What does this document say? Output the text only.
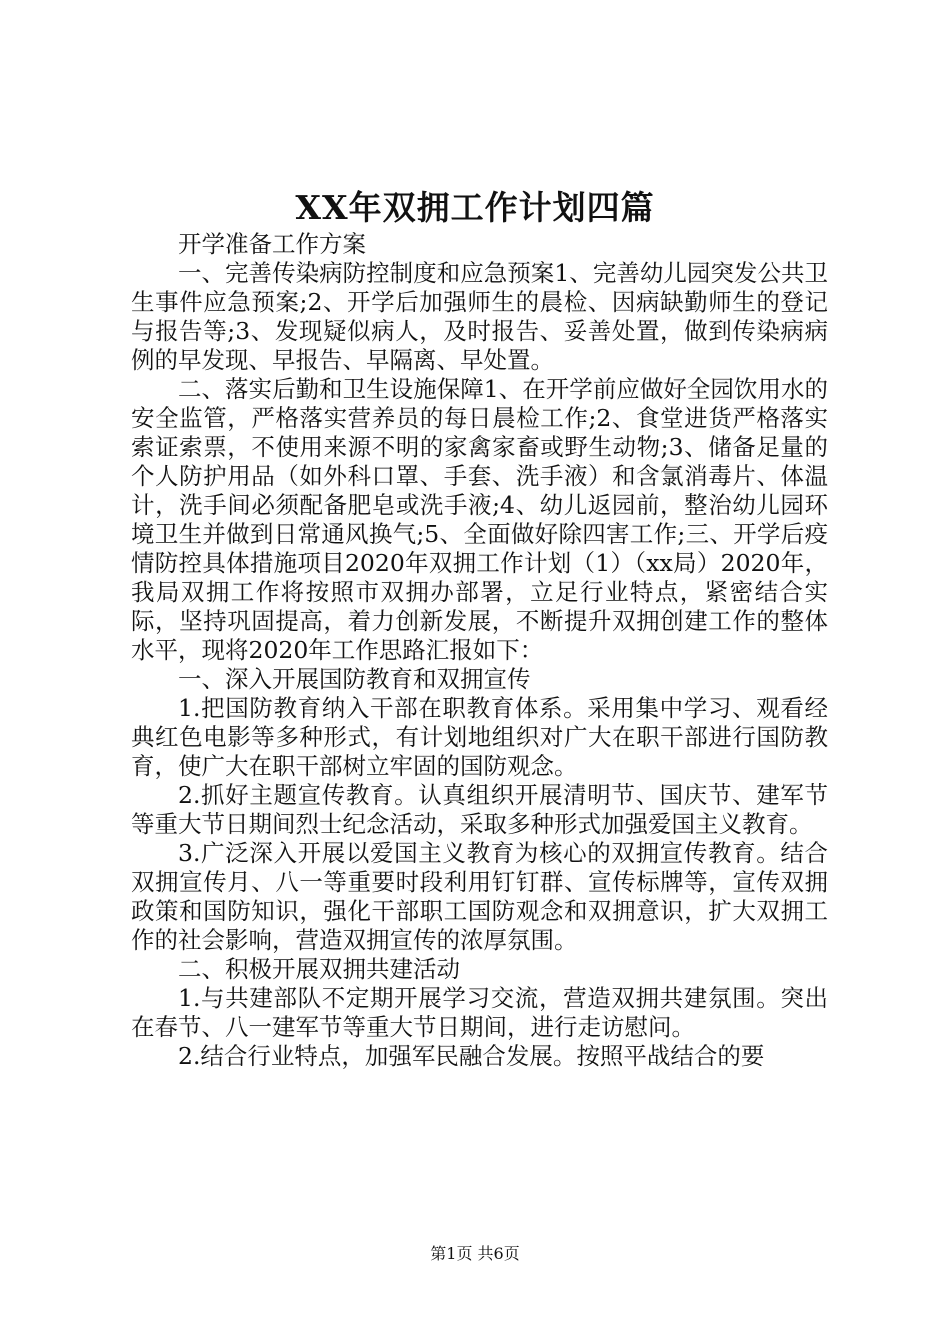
XX年双拥工作计划四篇

开学准备工作方案

一、完善传染病防控制度和应急预案1、完善幼儿园突发公共卫生事件应急预案;2、开学后加强师生的晨检、因病缺勤师生的登记与报告等;3、发现疑似病人，及时报告、妥善处置，做到传染病病例的早发现、早报告、早隔离、早处置。

二、落实后勤和卫生设施保障1、在开学前应做好全园饮用水的安全监管，严格落实营养员的每日晨检工作;2、食堂进货严格落实索证索票，不使用来源不明的家禽家畜或野生动物;3、储备足量的个人防护用品（如外科口罩、手套、洗手液）和含氯消毒片、体温计，洗手间必须配备肥皂或洗手液;4、幼儿返园前，整治幼儿园环境卫生并做到日常通风换气;5、全面做好除四害工作;三、开学后疫情防控具体措施项目2020年双拥工作计划（1）（xx局）2020年，我局双拥工作将按照市双拥办部署，立足行业特点，紧密结合实际，坚持巩固提高，着力创新发展，不断提升双拥创建工作的整体水平，现将2020年工作思路汇报如下：

一、深入开展国防教育和双拥宣传

1.把国防教育纳入干部在职教育体系。采用集中学习、观看经典红色电影等多种形式，有计划地组织对广大在职干部进行国防教育，使广大在职干部树立牢固的国防观念。

2.抓好主题宣传教育。认真组织开展清明节、国庆节、建军节等重大节日期间烈士纪念活动，采取多种形式加强爱国主义教育。

3.广泛深入开展以爱国主义教育为核心的双拥宣传教育。结合双拥宣传月、八一等重要时段利用钉钉群、宣传标牌等，宣传双拥政策和国防知识，强化干部职工国防观念和双拥意识，扩大双拥工作的社会影响，营造双拥宣传的浓厚氛围。

二、积极开展双拥共建活动

1.与共建部队不定期开展学习交流，营造双拥共建氛围。突出在春节、八一建军节等重大节日期间，进行走访慰问。

2.结合行业特点，加强军民融合发展。按照平战结合的要

第1页 共6页
